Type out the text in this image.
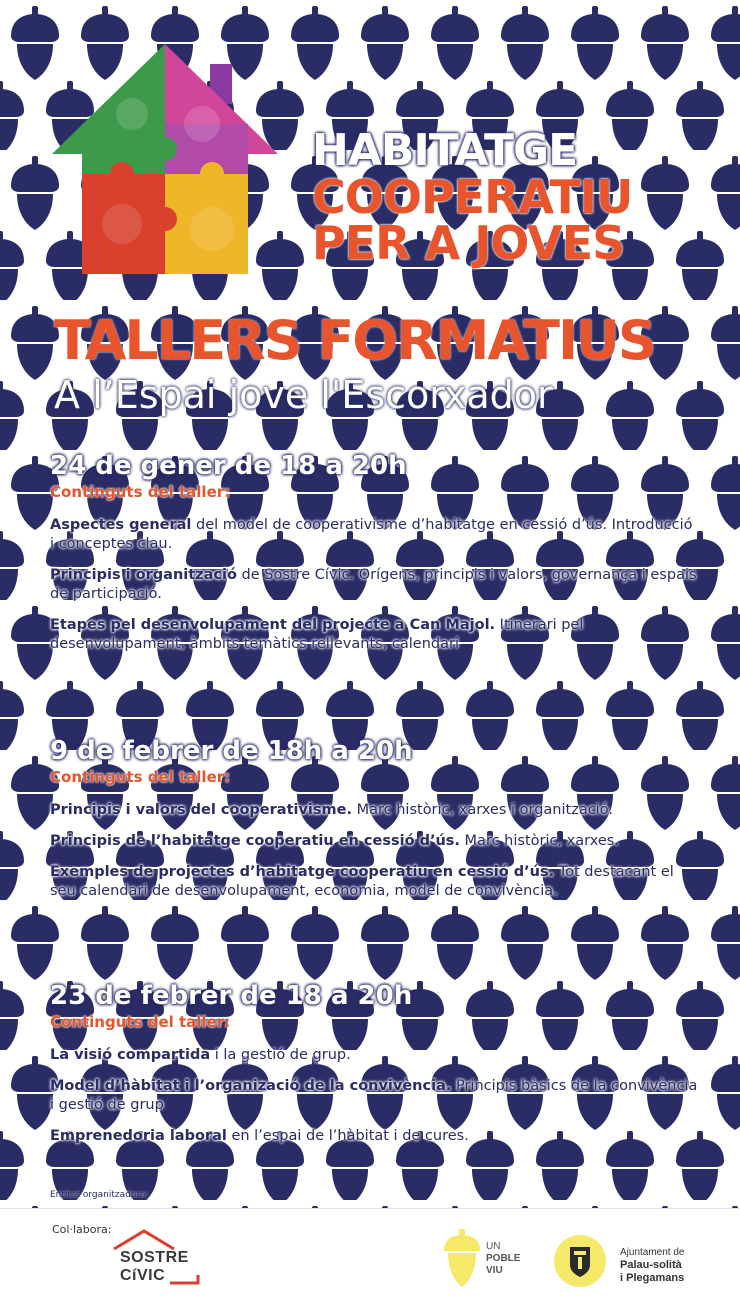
HABITATGE
COOPERATIU
PER A JOVES
TALLERS FORMATIUS
A l’Espai jove l'Escorxador
24 de gener de 18 a 20h
Continguts del taller:
Aspectes general del model de cooperativisme d’habitatge en cessió d’ús. Introducció i conceptes clau.
Principis i organització de Sostre Cívic. Orígens, principis i valors, governança i espais de participació.
Etapes pel desenvolupament del projecte a Can Majol. Itinerari pel desenvolupament, àmbits temàtics rellevants, calendari
9 de febrer de 18h a 20h
Continguts del taller:
Principis i valors del cooperativisme. Marc històric, xarxes i organització.
Principis de l’habitatge cooperatiu en cessió d’ús. Marc històric, xarxes.
Exemples de projectes d’habitatge cooperatiu en cessió d’ús. Tot destacant el seu calendari de desenvolupament, economia, model de convivència.
23 de febrer de 18 a 20h
Continguts del taller:
La visió compartida i la gestió de grup.
Model d’hàbitat i l’organizació de la convivència. Principis bàsics de la convivència i gestió de grup
Emprenedoria laboral en l’espai de l’hàbitat i de cures.
Entitat organitzadora:
Col·labora:
SOSTRE
CíVIC
UN
POBLE
VIU
Ajuntament de
Palau-solità
i Plegamans
